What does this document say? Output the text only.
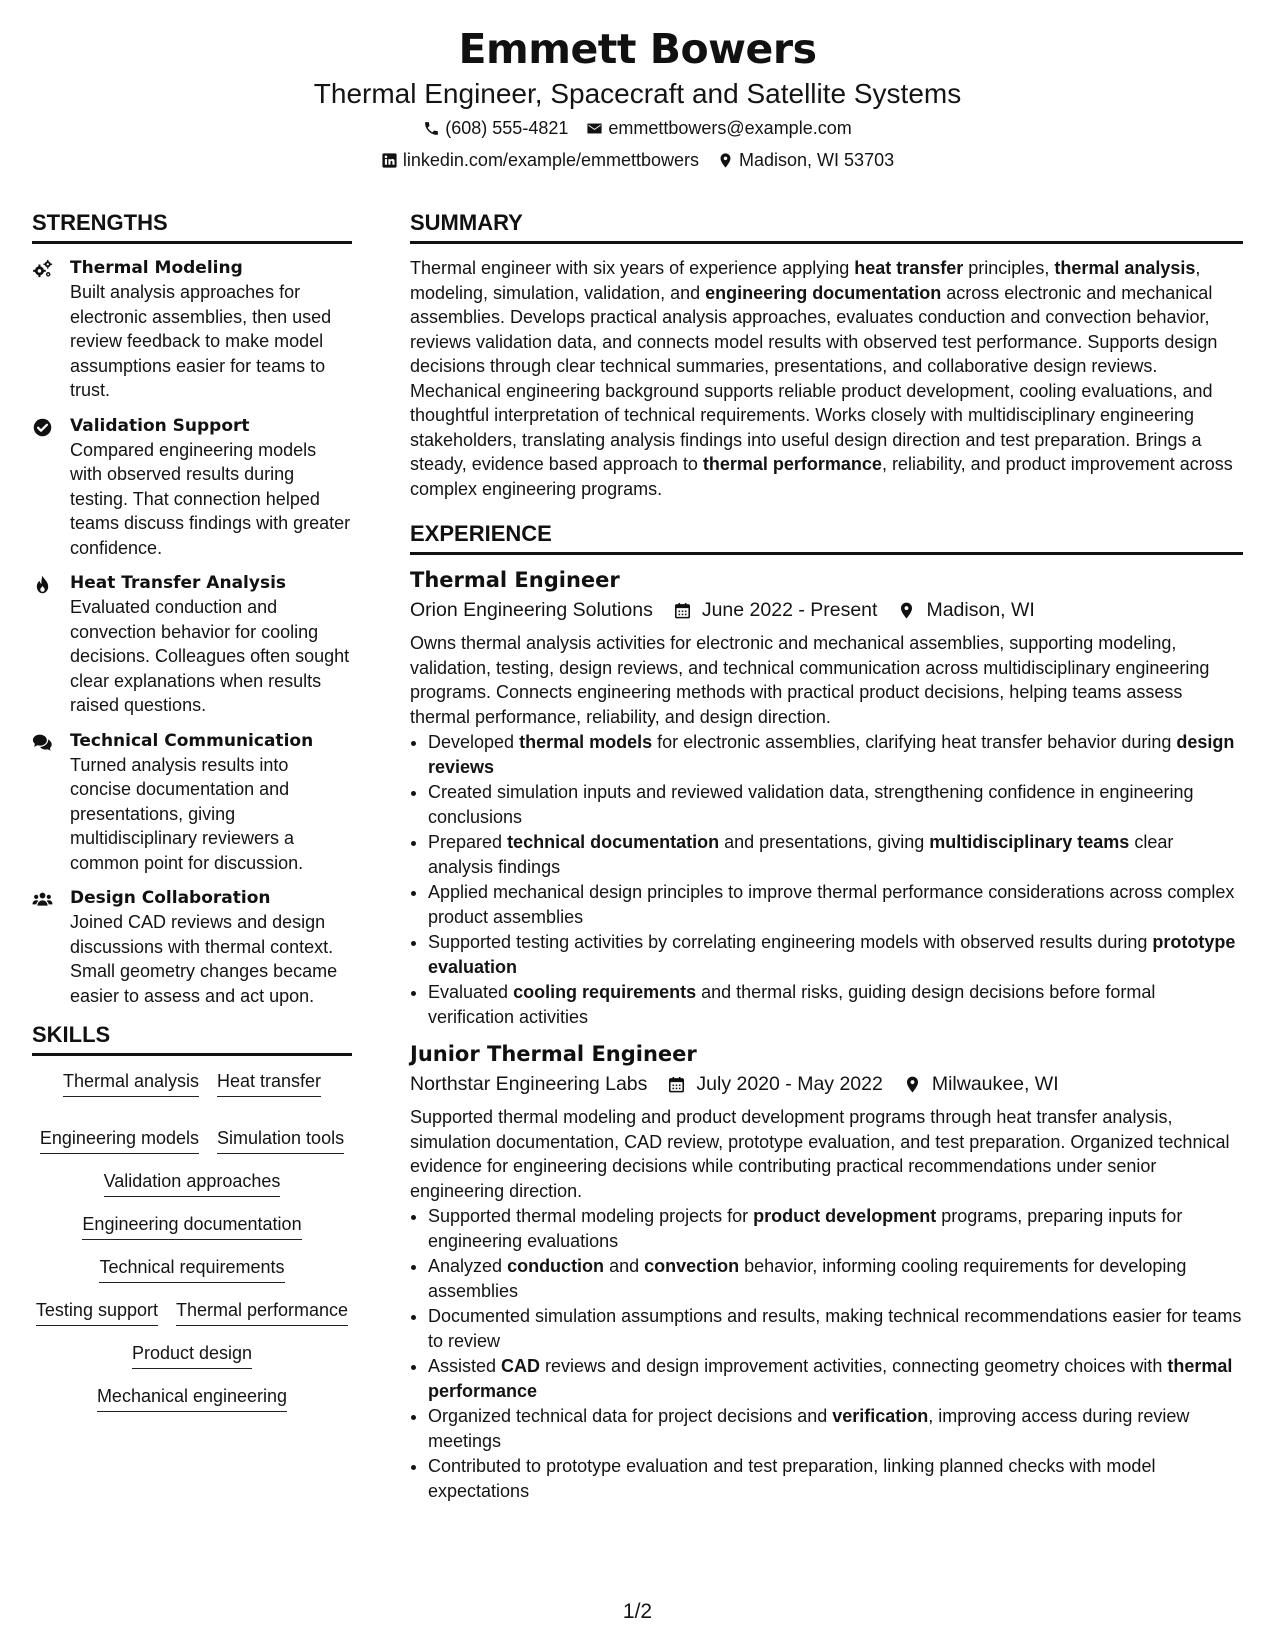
Emmett Bowers
Thermal Engineer, Spacecraft and Satellite Systems
(608) 555-4821 emmettbowers@example.com
linkedin.com/example/emmettbowers Madison, WI 53703
STRENGTHS
Thermal Modeling
Built analysis approaches for electronic assemblies, then used review feedback to make model assumptions easier for teams to trust.
Validation Support
Compared engineering models with observed results during testing. That connection helped teams discuss findings with greater confidence.
Heat Transfer Analysis
Evaluated conduction and convection behavior for cooling decisions. Colleagues often sought clear explanations when results raised questions.
Technical Communication
Turned analysis results into concise documentation and presentations, giving multidisciplinary reviewers a common point for discussion.
Design Collaboration
Joined CAD reviews and design discussions with thermal context. Small geometry changes became easier to assess and act upon.
SKILLS
Thermal analysis Heat transfer
Engineering models Simulation tools
Validation approaches
Engineering documentation
Technical requirements
Testing support Thermal performance
Product design
Mechanical engineering
SUMMARY
Thermal engineer with six years of experience applying heat transfer principles, thermal analysis, modeling, simulation, validation, and engineering documentation across electronic and mechanical assemblies. Develops practical analysis approaches, evaluates conduction and convection behavior, reviews validation data, and connects model results with observed test performance. Supports design decisions through clear technical summaries, presentations, and collaborative design reviews. Mechanical engineering background supports reliable product development, cooling evaluations, and thoughtful interpretation of technical requirements. Works closely with multidisciplinary engineering stakeholders, translating analysis findings into useful design direction and test preparation. Brings a steady, evidence based approach to thermal performance, reliability, and product improvement across complex engineering programs.
EXPERIENCE
Thermal Engineer
Orion Engineering Solutions	June 2022 - Present	Madison, WI
Owns thermal analysis activities for electronic and mechanical assemblies, supporting modeling, validation, testing, design reviews, and technical communication across multidisciplinary engineering programs. Connects engineering methods with practical product decisions, helping teams assess thermal performance, reliability, and design direction.
• Developed thermal models for electronic assemblies, clarifying heat transfer behavior during design reviews
• Created simulation inputs and reviewed validation data, strengthening confidence in engineering conclusions
• Prepared technical documentation and presentations, giving multidisciplinary teams clear analysis findings
• Applied mechanical design principles to improve thermal performance considerations across complex product assemblies
• Supported testing activities by correlating engineering models with observed results during prototype evaluation
• Evaluated cooling requirements and thermal risks, guiding design decisions before formal verification activities
Junior Thermal Engineer
Northstar Engineering Labs	July 2020 - May 2022	Milwaukee, WI
Supported thermal modeling and product development programs through heat transfer analysis, simulation documentation, CAD review, prototype evaluation, and test preparation. Organized technical evidence for engineering decisions while contributing practical recommendations under senior engineering direction.
• Supported thermal modeling projects for product development programs, preparing inputs for engineering evaluations
• Analyzed conduction and convection behavior, informing cooling requirements for developing assemblies
• Documented simulation assumptions and results, making technical recommendations easier for teams to review
• Assisted CAD reviews and design improvement activities, connecting geometry choices with thermal performance
• Organized technical data for project decisions and verification, improving access during review meetings
• Contributed to prototype evaluation and test preparation, linking planned checks with model expectations
1/2
